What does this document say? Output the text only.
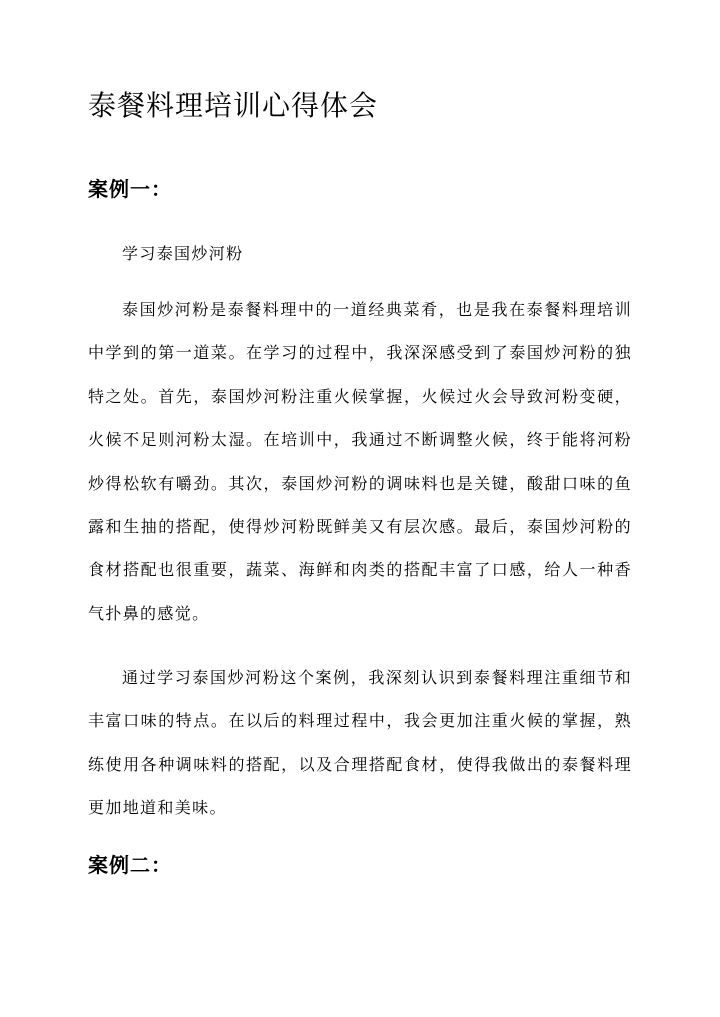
泰餐料理培训心得体会
案例一：

学习泰国炒河粉

泰国炒河粉是泰餐料理中的一道经典菜肴，也是我在泰餐料理培训中学到的第一道菜。在学习的过程中，我深深感受到了泰国炒河粉的独特之处。首先，泰国炒河粉注重火候掌握，火候过火会导致河粉变硬，火候不足则河粉太湿。在培训中，我通过不断调整火候，终于能将河粉炒得松软有嚼劲。其次，泰国炒河粉的调味料也是关键，酸甜口味的鱼露和生抽的搭配，使得炒河粉既鲜美又有层次感。最后，泰国炒河粉的食材搭配也很重要，蔬菜、海鲜和肉类的搭配丰富了口感，给人一种香气扑鼻的感觉。

通过学习泰国炒河粉这个案例，我深刻认识到泰餐料理注重细节和丰富口味的特点。在以后的料理过程中，我会更加注重火候的掌握，熟练使用各种调味料的搭配，以及合理搭配食材，使得我做出的泰餐料理更加地道和美味。

案例二：
